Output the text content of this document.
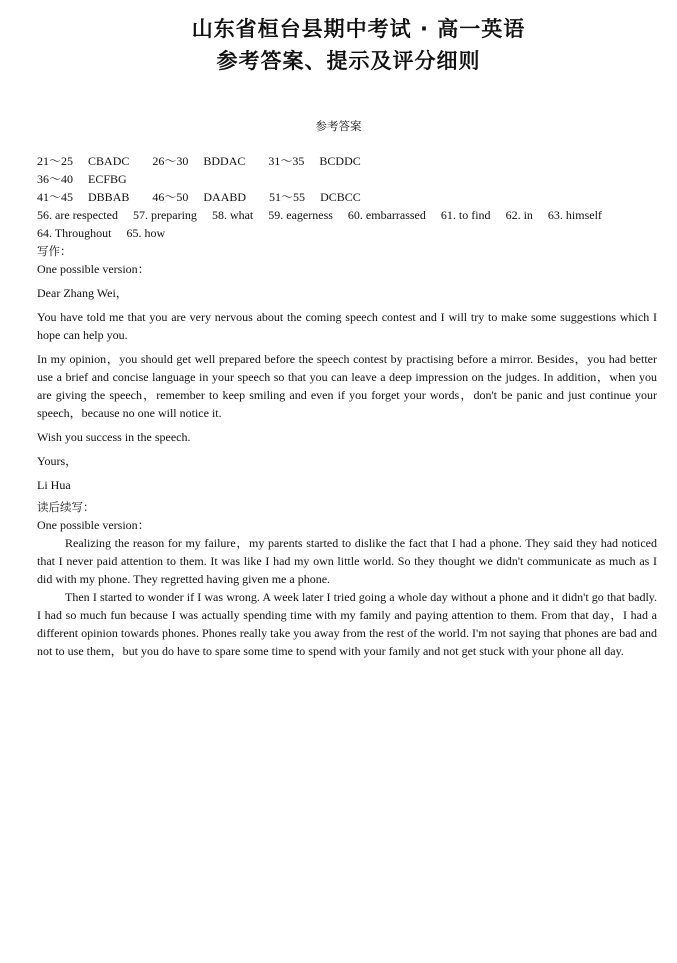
山东省桓台县期中考试 · 高一英语
参考答案、提示及评分细则
参考答案
21～25 CBADC 26～30 BDDAC 31～35 BCDDC
36～40 ECFBG
41～45 DBBAB 46～50 DAABD 51～55 DCBCC
56. are respected 57. preparing 58. what 59. eagerness 60. embarrassed 61. to find 62. in 63. himself
64. Throughout 65. how
写作：
One possible version：
Dear Zhang Wei，
You have told me that you are very nervous about the coming speech contest and I will try to make some suggestions which I hope can help you.
In my opinion，you should get well prepared before the speech contest by practising before a mirror. Besides，you had better use a brief and concise language in your speech so that you can leave a deep impression on the judges. In addition，when you are giving the speech，remember to keep smiling and even if you forget your words，don't be panic and just continue your speech，because no one will notice it.
Wish you success in the speech.
Yours，
Li Hua
读后续写：
One possible version：
Realizing the reason for my failure，my parents started to dislike the fact that I had a phone. They said they had noticed that I never paid attention to them. It was like I had my own little world. So they thought we didn't communicate as much as I did with my phone. They regretted having given me a phone.
Then I started to wonder if I was wrong. A week later I tried going a whole day without a phone and it didn't go that badly. I had so much fun because I was actually spending time with my family and paying attention to them. From that day，I had a different opinion towards phones. Phones really take you away from the rest of the world. I'm not saying that phones are bad and not to use them，but you do have to spare some time to spend with your family and not get stuck with your phone all day.
